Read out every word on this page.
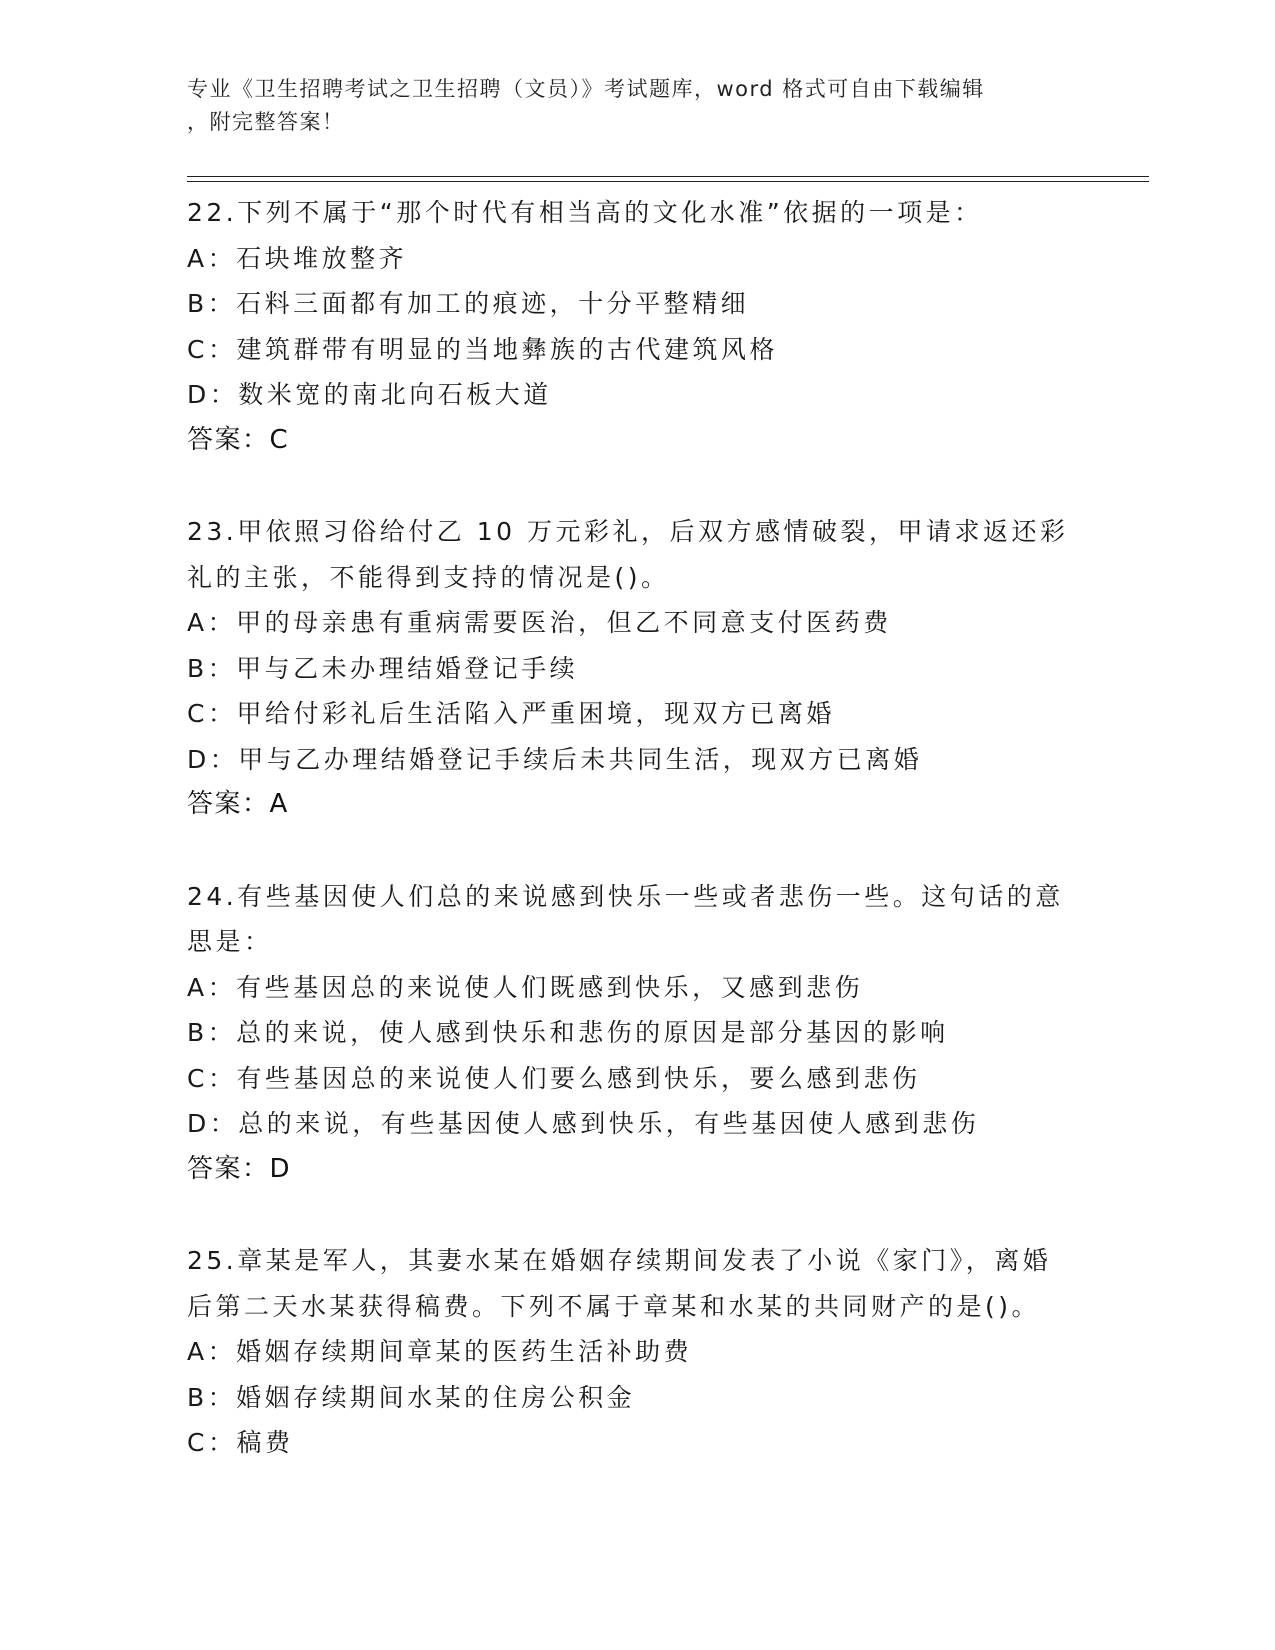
专业《卫生招聘考试之卫生招聘（文员）》考试题库，word 格式可自由下载编辑
，附完整答案！
22.下列不属于“那个时代有相当高的文化水准”依据的一项是：
A：石块堆放整齐
B：石料三面都有加工的痕迹，十分平整精细
C：建筑群带有明显的当地彝族的古代建筑风格
D：数米宽的南北向石板大道
答案：C
23.甲依照习俗给付乙 10 万元彩礼，后双方感情破裂，甲请求返还彩
礼的主张，不能得到支持的情况是()。
A：甲的母亲患有重病需要医治，但乙不同意支付医药费
B：甲与乙未办理结婚登记手续
C：甲给付彩礼后生活陷入严重困境，现双方已离婚
D：甲与乙办理结婚登记手续后未共同生活，现双方已离婚
答案：A
24.有些基因使人们总的来说感到快乐一些或者悲伤一些。这句话的意
思是：
A：有些基因总的来说使人们既感到快乐，又感到悲伤
B：总的来说，使人感到快乐和悲伤的原因是部分基因的影响
C：有些基因总的来说使人们要么感到快乐，要么感到悲伤
D：总的来说，有些基因使人感到快乐，有些基因使人感到悲伤
答案：D
25.章某是军人，其妻水某在婚姻存续期间发表了小说《家门》，离婚
后第二天水某获得稿费。下列不属于章某和水某的共同财产的是()。
A：婚姻存续期间章某的医药生活补助费
B：婚姻存续期间水某的住房公积金
C：稿费
